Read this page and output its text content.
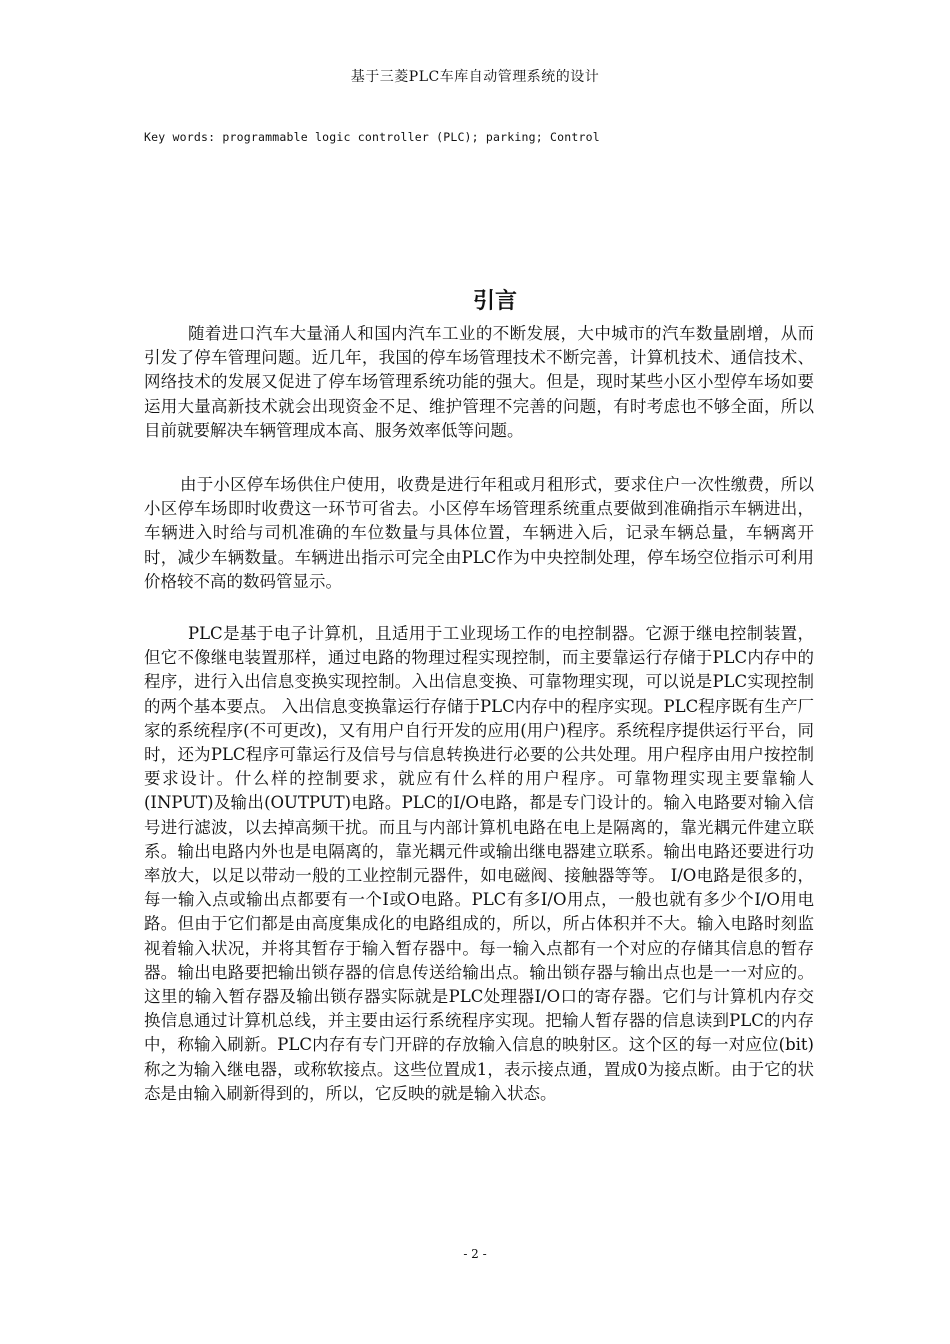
基于三菱PLC车库自动管理系统的设计
Key words: programmable logic controller (PLC); parking; Control
引言

随着进口汽车大量涌人和国内汽车工业的不断发展，大中城市的汽车数量剧增，从而引发了停车管理问题。近几年，我国的停车场管理技术不断完善，计算机技术、通信技术、网络技术的发展又促进了停车场管理系统功能的强大。但是，现时某些小区小型停车场如要运用大量高新技术就会出现资金不足、维护管理不完善的问题，有时考虑也不够全面，所以目前就要解决车辆管理成本高、服务效率低等问题。

由于小区停车场供住户使用，收费是进行年租或月租形式，要求住户一次性缴费，所以小区停车场即时收费这一环节可省去。小区停车场管理系统重点要做到准确指示车辆进出，车辆进入时给与司机准确的车位数量与具体位置，车辆进入后，记录车辆总量，车辆离开时，减少车辆数量。车辆进出指示可完全由PLC作为中央控制处理，停车场空位指示可利用价格较不高的数码管显示。

PLC是基于电子计算机，且适用于工业现场工作的电控制器。它源于继电控制装置，但它不像继电装置那样，通过电路的物理过程实现控制，而主要靠运行存储于PLC内存中的程序，进行入出信息变换实现控制。入出信息变换、可靠物理实现，可以说是PLC实现控制的两个基本要点。 入出信息变换靠运行存储于PLC内存中的程序实现。PLC程序既有生产厂家的系统程序(不可更改)，又有用户自行开发的应用(用户)程序。系统程序提供运行平台，同时，还为PLC程序可靠运行及信号与信息转换进行必要的公共处理。用户程序由用户按控制要求设计。什么样的控制要求，就应有什么样的用户程序。可靠物理实现主要靠输人(INPUT)及输出(OUTPUT)电路。PLC的I/O电路，都是专门设计的。输入电路要对输入信号进行滤波，以去掉高频干扰。而且与内部计算机电路在电上是隔离的，靠光耦元件建立联系。输出电路内外也是电隔离的，靠光耦元件或输出继电器建立联系。输出电路还要进行功率放大，以足以带动一般的工业控制元器件，如电磁阀、接触器等等。 I/O电路是很多的，每一输入点或输出点都要有一个I或O电路。PLC有多I/O用点，一般也就有多少个I/O用电路。但由于它们都是由高度集成化的电路组成的，所以，所占体积并不大。输入电路时刻监视着输入状况，并将其暂存于输入暂存器中。每一输入点都有一个对应的存储其信息的暂存器。输出电路要把输出锁存器的信息传送给输出点。输出锁存器与输出点也是一一对应的。这里的输入暂存器及输出锁存器实际就是PLC处理器I/O口的寄存器。它们与计算机内存交换信息通过计算机总线，并主要由运行系统程序实现。把输人暂存器的信息读到PLC的内存中，称输入刷新。PLC内存有专门开辟的存放输入信息的映射区。这个区的每一对应位(bit)称之为输入继电器，或称软接点。这些位置成1，表示接点通，置成0为接点断。由于它的状态是由输入刷新得到的，所以，它反映的就是输入状态。

- 2 -
